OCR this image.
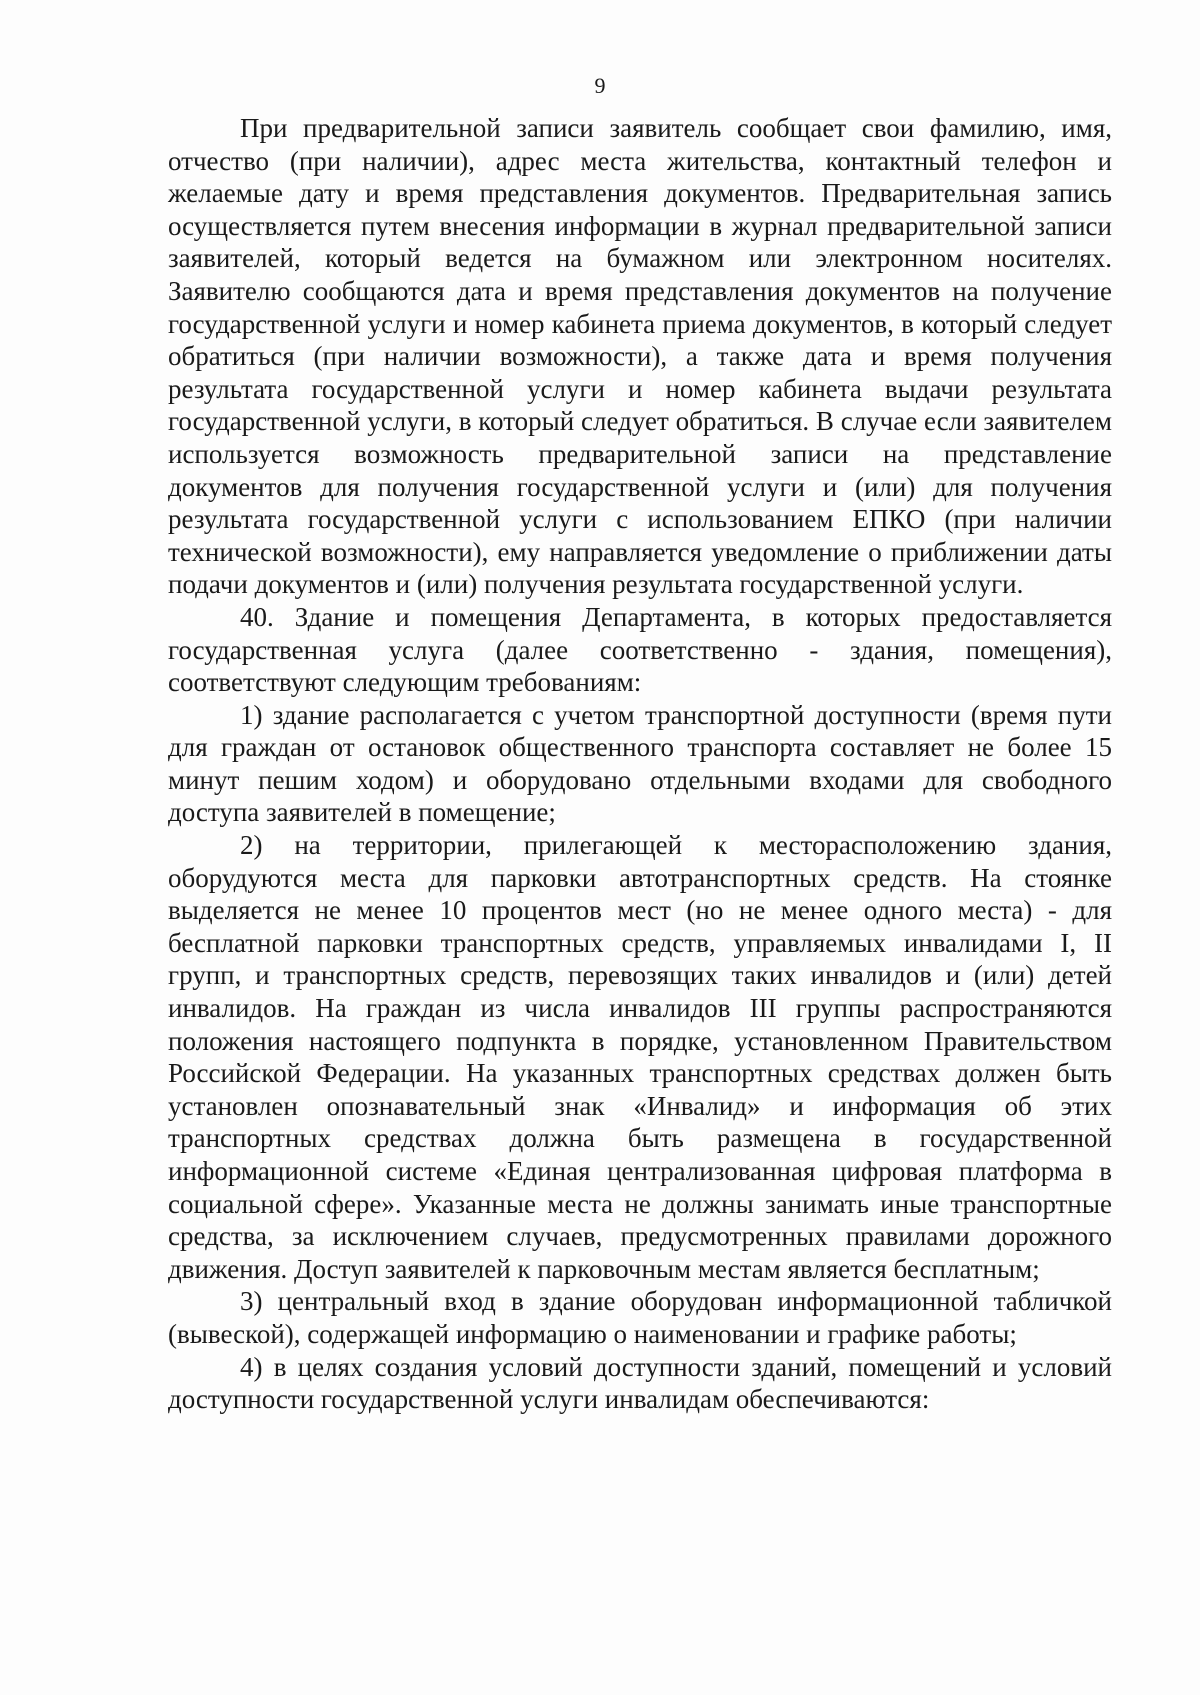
9

При предварительной записи заявитель сообщает свои фамилию, имя, отчество (при наличии), адрес места жительства, контактный телефон и желаемые дату и время представления документов. Предварительная запись осуществляется путем внесения информации в журнал предварительной записи заявителей, который ведется на бумажном или электронном носителях. Заявителю сообщаются дата и время представления документов на получение государственной услуги и номер кабинета приема документов, в который следует обратиться (при наличии возможности), а также дата и время получения результата государственной услуги и номер кабинета выдачи результата государственной услуги, в который следует обратиться. В случае если заявителем используется возможность предварительной записи на представление документов для получения государственной услуги и (или) для получения результата государственной услуги с использованием ЕПКО (при наличии технической возможности), ему направляется уведомление о приближении даты подачи документов и (или) получения результата государственной услуги.

40. Здание и помещения Департамента, в которых предоставляется государственная услуга (далее соответственно - здания, помещения), соответствуют следующим требованиям:

1) здание располагается с учетом транспортной доступности (время пути для граждан от остановок общественного транспорта составляет не более 15 минут пешим ходом) и оборудовано отдельными входами для свободного доступа заявителей в помещение;

2) на территории, прилегающей к месторасположению здания, оборудуются места для парковки автотранспортных средств. На стоянке выделяется не менее 10 процентов мест (но не менее одного места) - для бесплатной парковки транспортных средств, управляемых инвалидами I, II групп, и транспортных средств, перевозящих таких инвалидов и (или) детей инвалидов. На граждан из числа инвалидов III группы распространяются положения настоящего подпункта в порядке, установленном Правительством Российской Федерации. На указанных транспортных средствах должен быть установлен опознавательный знак «Инвалид» и информация об этих транспортных средствах должна быть размещена в государственной информационной системе «Единая централизованная цифровая платформа в социальной сфере». Указанные места не должны занимать иные транспортные средства, за исключением случаев, предусмотренных правилами дорожного движения. Доступ заявителей к парковочным местам является бесплатным;

3) центральный вход в здание оборудован информационной табличкой (вывеской), содержащей информацию о наименовании и графике работы;

4) в целях создания условий доступности зданий, помещений и условий доступности государственной услуги инвалидам обеспечиваются:
